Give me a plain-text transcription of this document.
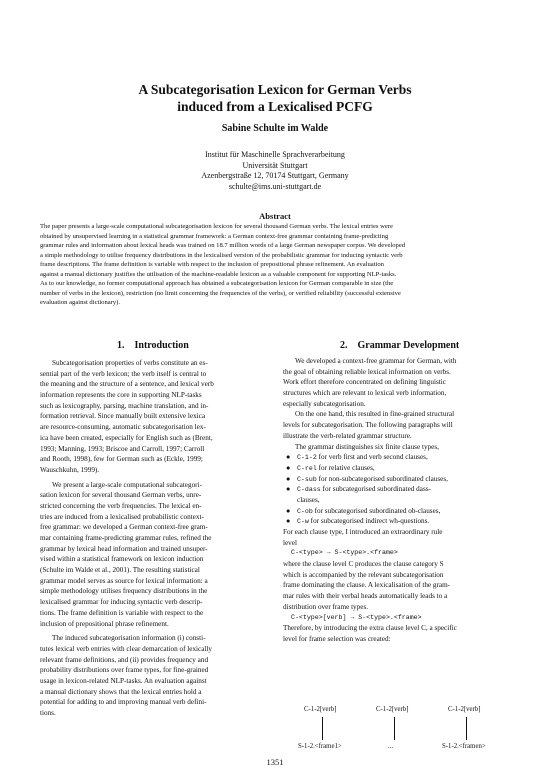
A Subcategorisation Lexicon for German Verbs
induced from a Lexicalised PCFG
Sabine Schulte im Walde
Institut für Maschinelle Sprachverarbeitung
Universität Stuttgart
Azenbergstraße 12, 70174 Stuttgart, Germany
schulte@ims.uni-stuttgart.de
Abstract
The paper presents a large-scale computational subcategorisation lexicon for several thousand German verbs. The lexical entries were
obtained by unsupervised learning in a statistical grammar framework: a German context-free grammar containing frame-predicting
grammar rules and information about lexical heads was trained on 18.7 million words of a large German newspaper corpus. We developed
a simple methodology to utilise frequency distributions in the lexicalised version of the probabilistic grammar for inducing syntactic verb
frame descriptions. The frame definition is variable with respect to the inclusion of prepositional phrase refinement. An evaluation
against a manual dictionary justifies the utilisation of the machine-readable lexicon as a valuable component for supporting NLP-tasks.
As to our knowledge, no former computational approach has obtained a subcategorisation lexicon for German comparable in size (the
number of verbs in the lexicon), restriction (no limit concerning the frequencies of the verbs), or verified reliability (successful extensive
evaluation against dictionary).
1. Introduction	2. Grammar Development
Subcategorisation properties of verbs constitute an es-
sential part of the verb lexicon; the verb itself is central to
the meaning and the structure of a sentence, and lexical verb
information represents the core in supporting NLP-tasks
such as lexicography, parsing, machine translation, and in-
formation retrieval. Since manually built extensive lexica
are resource-consuming, automatic subcategorisation lex-
ica have been created, especially for English such as (Brent,
1993; Manning, 1993; Briscoe and Carroll, 1997; Carroll
and Rooth, 1998), few for German such as (Eckle, 1999;
Wauschkuhn, 1999).
We present a large-scale computational subcategori-
sation lexicon for several thousand German verbs, unre-
stricted concerning the verb frequencies. The lexical en-
tries are induced from a lexicalised probabilistic context-
free grammar: we developed a German context-free gram-
mar containing frame-predicting grammar rules, refined the
grammar by lexical head information and trained unsuper-
vised within a statistical framework on lexicon induction
(Schulte im Walde et al., 2001). The resulting statistical
grammar model serves as source for lexical information: a
simple methodology utilises frequency distributions in the
lexicalised grammar for inducing syntactic verb descrip-
tions. The frame definition is variable with respect to the
inclusion of prepositional phrase refinement.
The induced subcategorisation information (i) consti-
tutes lexical verb entries with clear demarcation of lexically
relevant frame definitions, and (ii) provides frequency and
probability distributions over frame types, for fine-grained
usage in lexicon-related NLP-tasks. An evaluation against
a manual dictionary shows that the lexical entries hold a
potential for adding to and improving manual verb defini-
tions.
We developed a context-free grammar for German, with
the goal of obtaining reliable lexical information on verbs.
Work effort therefore concentrated on defining linguistic
structures which are relevant to lexical verb information,
especially subcategorisation.
On the one hand, this resulted in fine-grained structural
levels for subcategorisation. The following paragraphs will
illustrate the verb-related grammar structure.
The grammar distinguishes six finite clause types,
● C-1-2 for verb first and verb second clauses,
● C-rel for relative clauses,
● C-sub for non-subcategorised subordinated clauses,
● C-dass for subcategorised subordinated dass-
clauses,
● C-ob for subcategorised subordinated ob-clauses,
● C-w for subcategorised indirect wh-questions.
For each clause type, I introduced an extraordinary rule
level
C-<type> → S-<type>.<frame>
where the clause level C produces the clause category S
which is accompanied by the relevant subcategorisation
frame dominating the clause. A lexicalisation of the gram-
mar rules with their verbal heads automatically leads to a
distribution over frame types.
C-<type>[verb] → S-<type>.<frame>
Therefore, by introducing the extra clause level C, a specific
level for frame selection was created:
C-1-2[verb]	C-1-2[verb]	C-1-2[verb]
S-1-2.<frame1>	...	S-1-2.<framen>
1351
